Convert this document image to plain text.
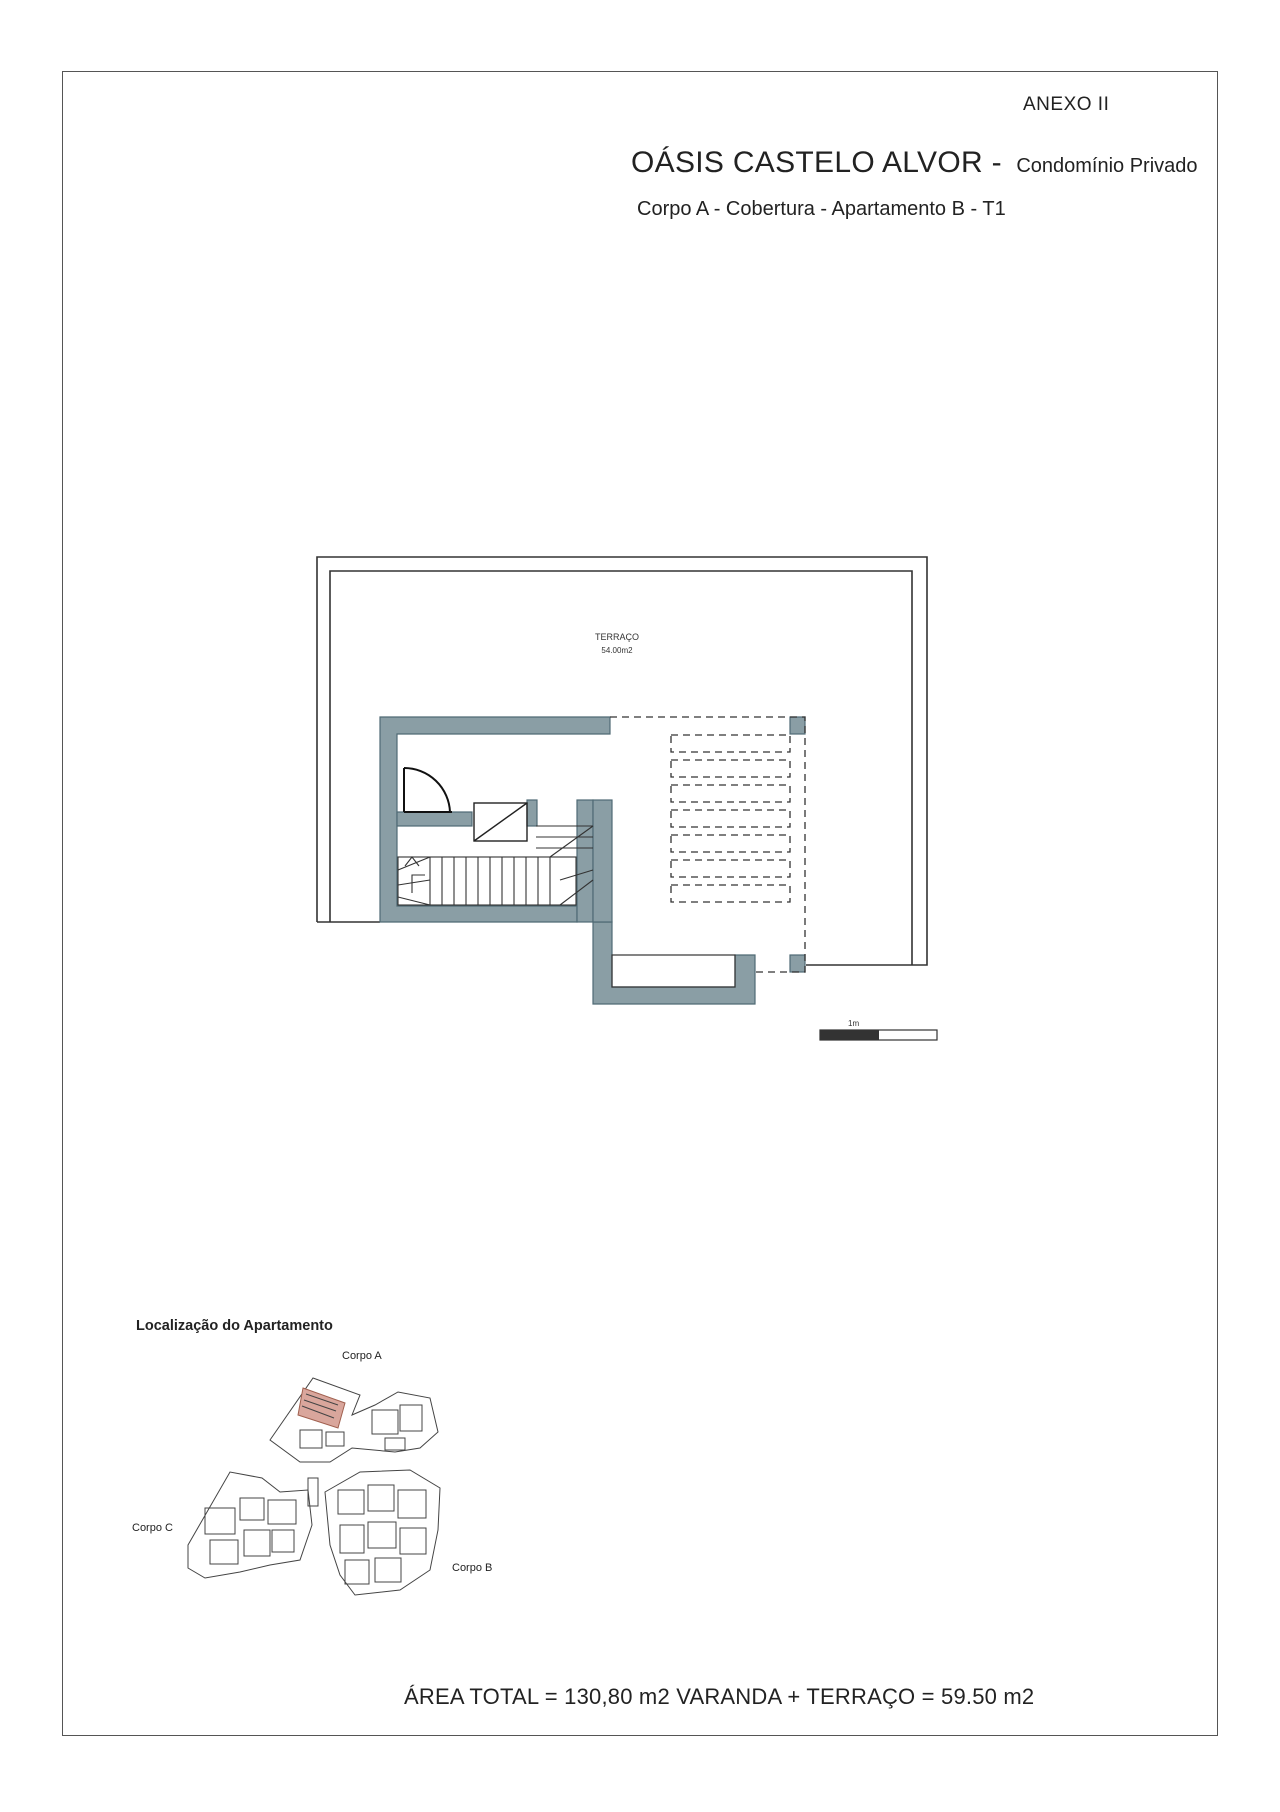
ANEXO II
OÁSIS CASTELO ALVOR - Condomínio Privado
Corpo A - Cobertura - Apartamento B - T1
TERRAÇO
54.00m2
1m
Localização do Apartamento
Corpo A
Corpo B
Corpo C
ÁREA TOTAL = 130,80 m2 VARANDA + TERRAÇO = 59.50 m2
